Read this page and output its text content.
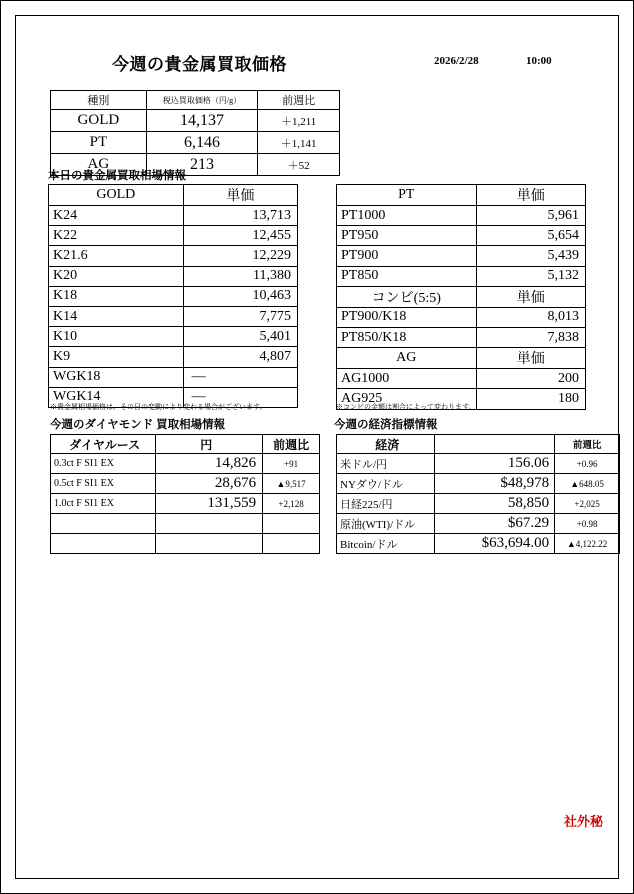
今週の貴金属買取価格	2026/2/28	10:00
種別	税込買取価格（円/g）	前週比
GOLD	14,137	＋1,211
PT	6,146	＋1,141
AG	213	＋52
本日の貴金属買取相場情報
GOLD	単価
K24	13,713
K22	12,455
K21.6	12,229
K20	11,380
K18	10,463
K14	7,775
K10	5,401
K9	4,807
WGK18	—
WGK14	—
PT	単価
PT1000	5,961
PT950	5,654
PT900	5,439
PT850	5,132
コンビ(5:5)	単価
PT900/K18	8,013
PT850/K18	7,838
AG	単価
AG1000	200
AG925	180
※貴金属相場価格は、その日の変動により変わる場合がございます。	※コンビの金額は割合によって変わります。
今週のダイヤモンド 買取相場情報
ダイヤルース	円	前週比
0.3ct F SI1 EX	14,826	+91
0.5ct F SI1 EX	28,676	▲9,517
1.0ct F SI1 EX	131,559	+2,128

今週の経済指標情報
経済		前週比
米ドル/円	156.06	+0.96
NYダウ/ドル	$48,978	▲648.05
日経225/円	58,850	+2,025
原油(WTI)/ドル	$67.29	+0.98
Bitcoin/ドル	$63,694.00	▲4,122.22
社外秘
